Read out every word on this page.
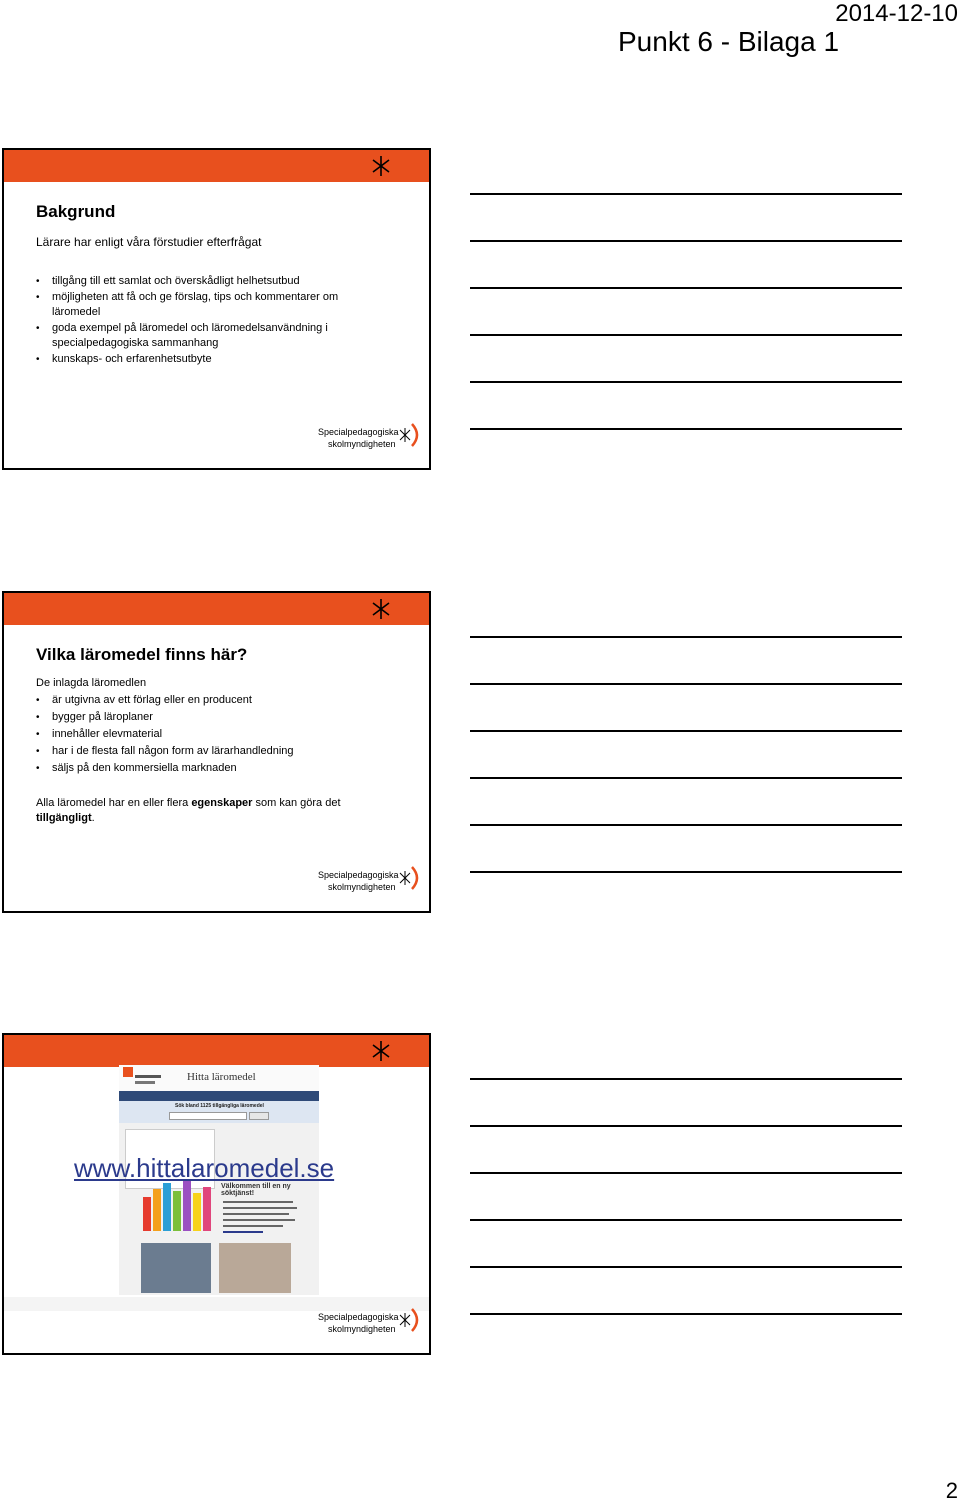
2014-12-10
Punkt 6 - Bilaga 1
Bakgrund
Lärare har enligt våra förstudier efterfrågat
• tillgång till ett samlat och överskådligt helhetsutbud
• möjligheten att få och ge förslag, tips och kommentarer om läromedel
• goda exempel på läromedel och läromedelsanvändning i specialpedagogiska sammanhang
• kunskaps- och erfarenhetsutbyte
Specialpedagogiska
skolmyndigheten
Vilka läromedel finns här?
De inlagda läromedlen
• är utgivna av ett förlag eller en producent
• bygger på läroplaner
• innehåller elevmaterial
• har i de flesta fall någon form av lärarhandledning
• säljs på den kommersiella marknaden
Alla läromedel har en eller flera egenskaper som kan göra det tillgängligt.
Specialpedagogiska
skolmyndigheten
Hitta läromedel
Sök bland 1125 tillgängliga läromedel
Välkommen till en ny söktjänst!
www.hittalaromedel.se
Specialpedagogiska
skolmyndigheten
2
